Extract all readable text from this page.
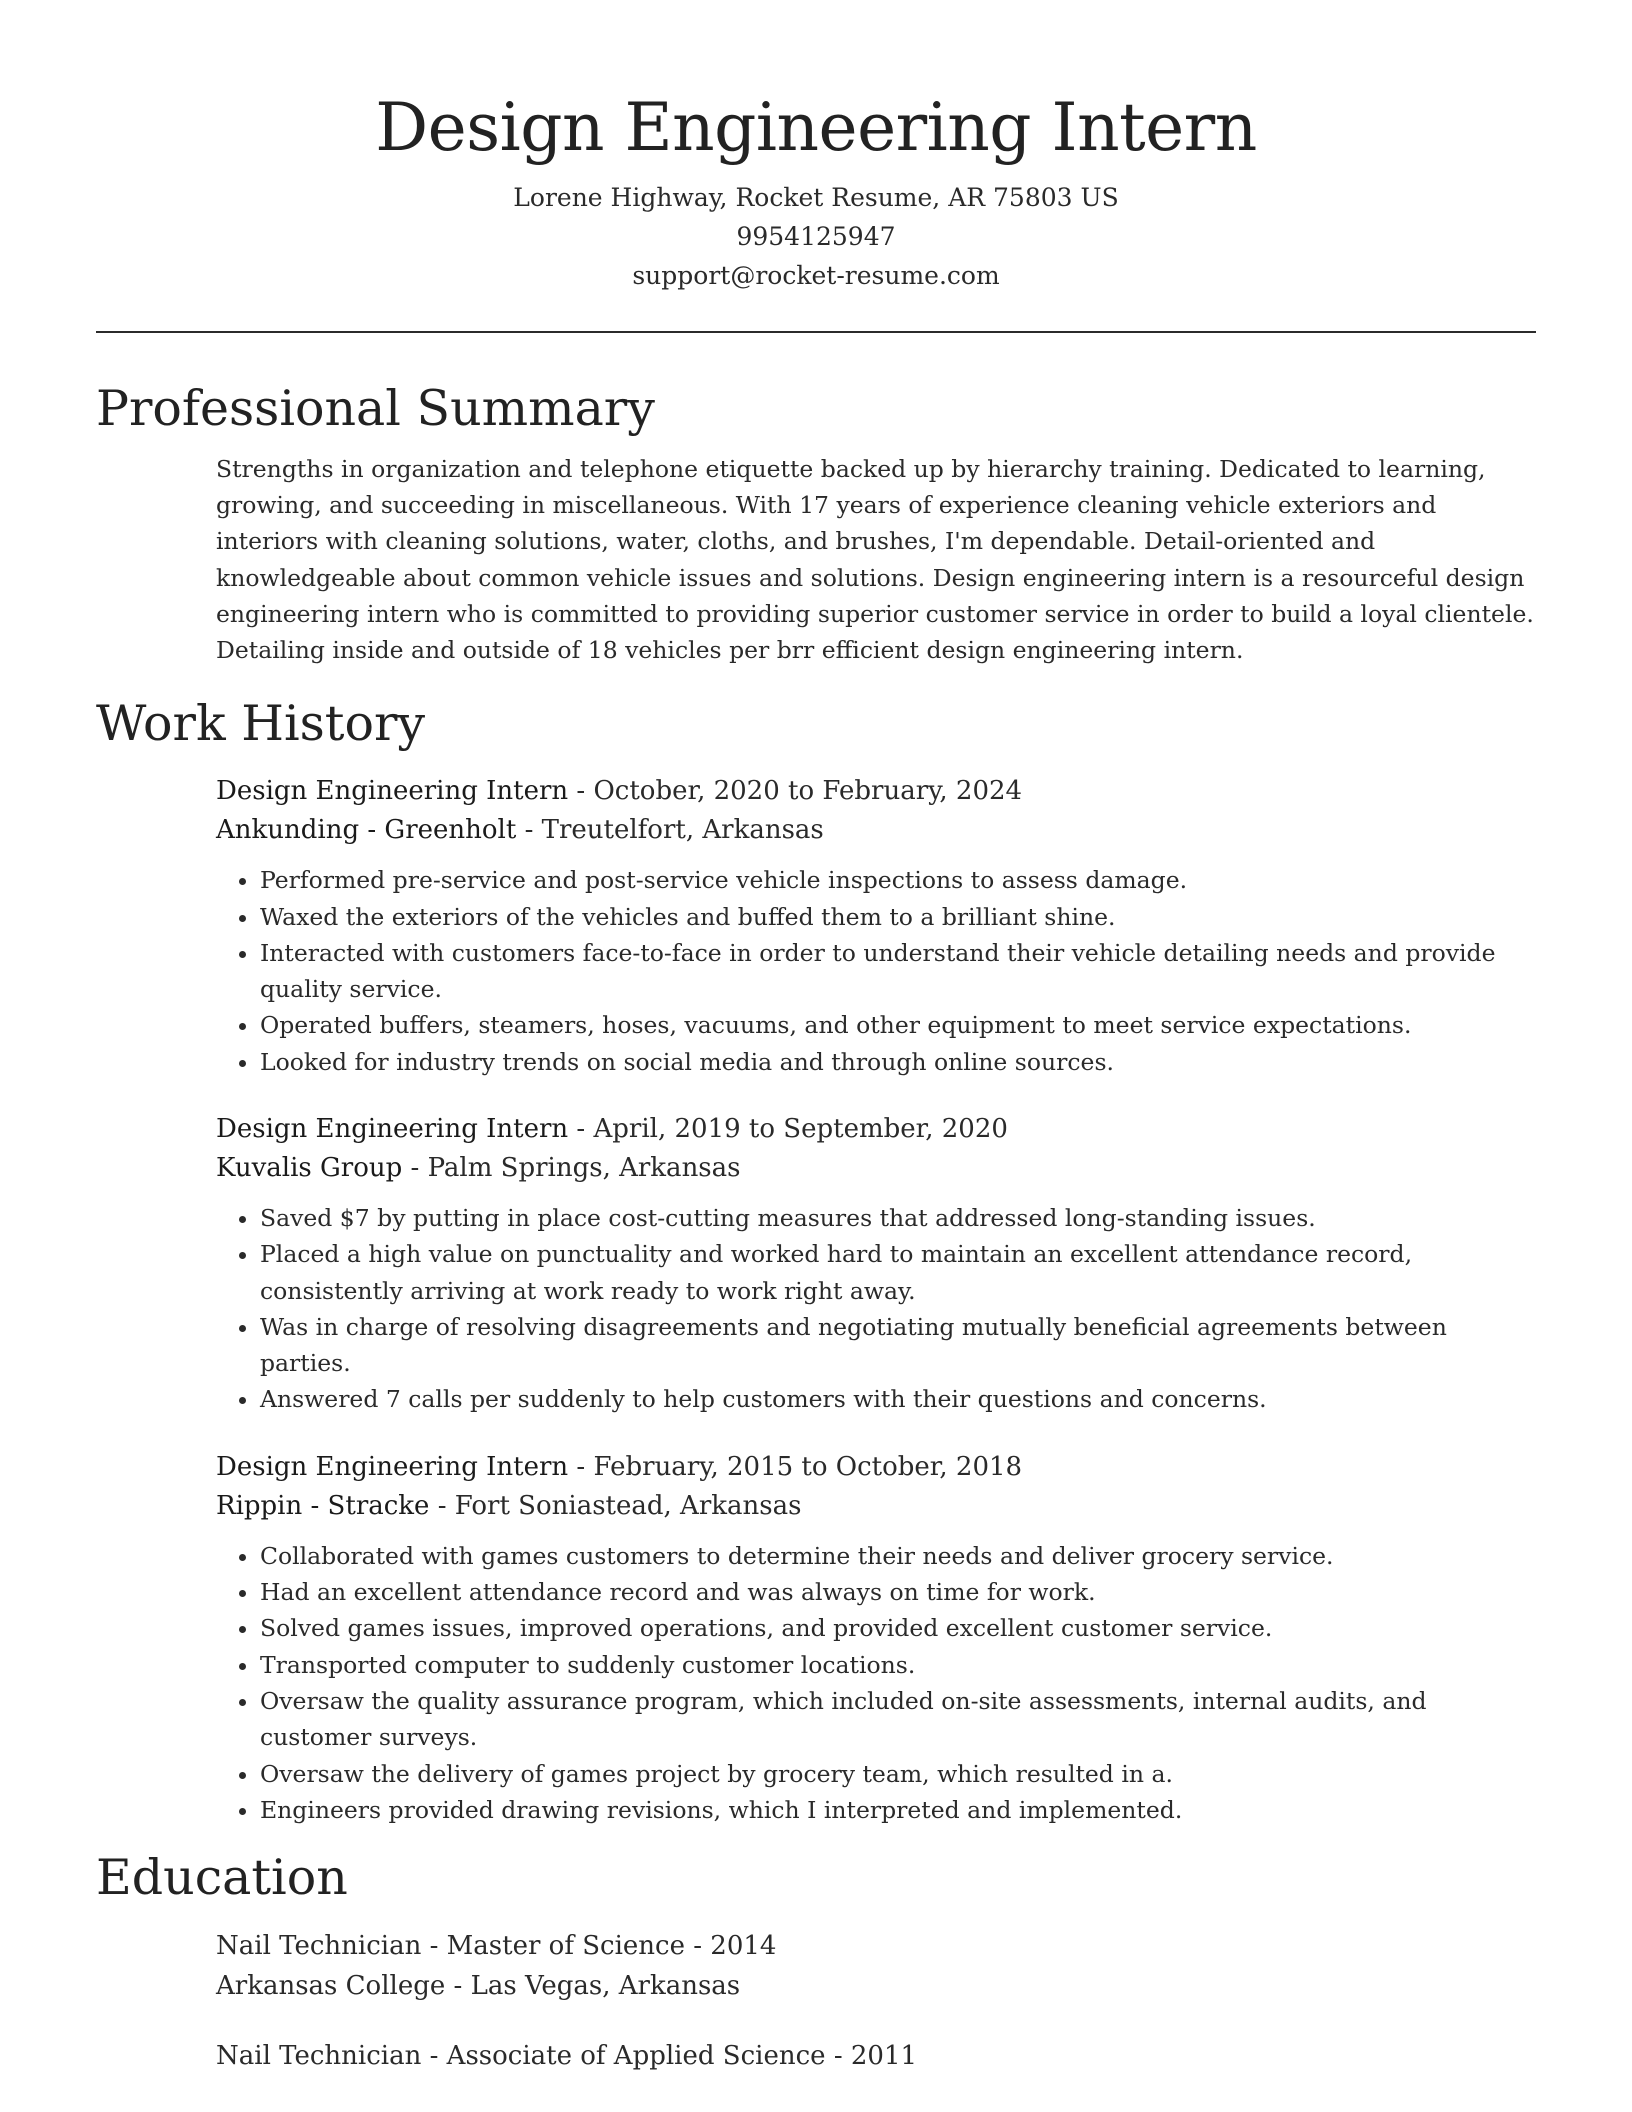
Design Engineering Intern
Lorene Highway, Rocket Resume, AR 75803 US
9954125947
support@rocket-resume.com
Professional Summary

Strengths in organization and telephone etiquette backed up by hierarchy training. Dedicated to learning, growing, and succeeding in miscellaneous. With 17 years of experience cleaning vehicle exteriors and interiors with cleaning solutions, water, cloths, and brushes, I'm dependable. Detail-oriented and knowledgeable about common vehicle issues and solutions. Design engineering intern is a resourceful design engineering intern who is committed to providing superior customer service in order to build a loyal clientele. Detailing inside and outside of 18 vehicles per brr efficient design engineering intern.

Work History
Design Engineering Intern - October, 2020 to February, 2024
Ankunding - Greenholt - Treutelfort, Arkansas
• Performed pre-service and post-service vehicle inspections to assess damage.
• Waxed the exteriors of the vehicles and buffed them to a brilliant shine.
• Interacted with customers face-to-face in order to understand their vehicle detailing needs and provide quality service.
• Operated buffers, steamers, hoses, vacuums, and other equipment to meet service expectations.
• Looked for industry trends on social media and through online sources.
Design Engineering Intern - April, 2019 to September, 2020
Kuvalis Group - Palm Springs, Arkansas
• Saved $7 by putting in place cost-cutting measures that addressed long-standing issues.
• Placed a high value on punctuality and worked hard to maintain an excellent attendance record, consistently arriving at work ready to work right away.
• Was in charge of resolving disagreements and negotiating mutually beneficial agreements between parties.
• Answered 7 calls per suddenly to help customers with their questions and concerns.
Design Engineering Intern - February, 2015 to October, 2018
Rippin - Stracke - Fort Soniastead, Arkansas
• Collaborated with games customers to determine their needs and deliver grocery service.
• Had an excellent attendance record and was always on time for work.
• Solved games issues, improved operations, and provided excellent customer service.
• Transported computer to suddenly customer locations.
• Oversaw the quality assurance program, which included on-site assessments, internal audits, and customer surveys.
• Oversaw the delivery of games project by grocery team, which resulted in a.
• Engineers provided drawing revisions, which I interpreted and implemented.
Education
Nail Technician - Master of Science - 2014
Arkansas College - Las Vegas, Arkansas
Nail Technician - Associate of Applied Science - 2011
